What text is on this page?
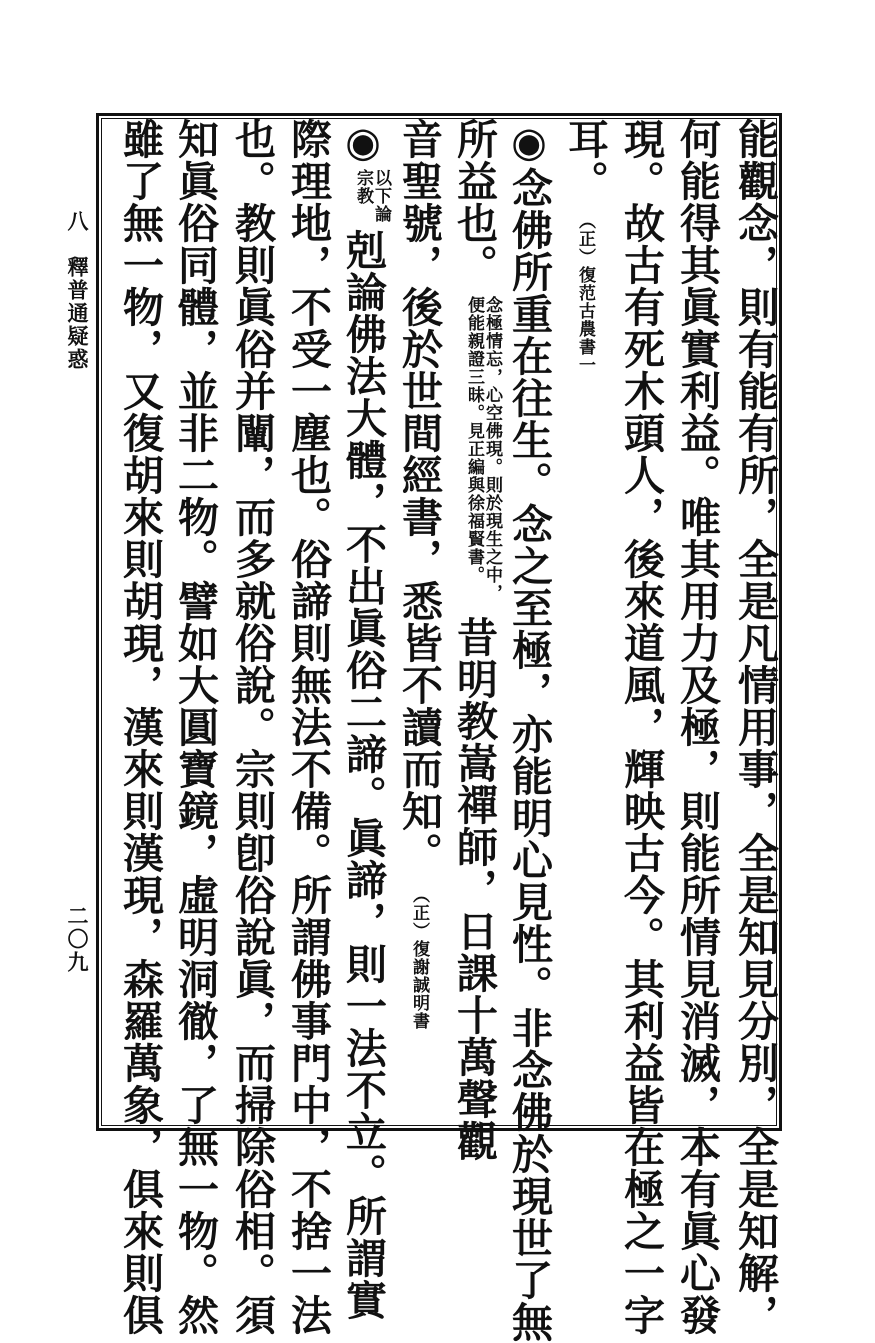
八　釋普通疑惑
二〇九	能觀念，則有能有所，全是凡情用事，全是知見分別，全是知解，
何能得其眞實利益。唯其用力及極，則能所情見消滅，本有眞心發
現。故古有死木頭人，後來道風，輝映古今。其利益皆在極之一字
耳。（正）復范古農書一
◉念佛所重在往生。念之至極，亦能明心見性。非念佛於現世了無
所益也。
念極情忘，心空佛現。則於現生之中，
便能親證三昧。見正編與徐福賢書。
昔明教嵩禪師，日課十萬聲觀
音聖號，後於世間經書，悉皆不讀而知。（正）復謝誠明書
◉
以下論
宗教
剋論佛法大體，不出眞俗二諦。眞諦，則一法不立。所謂實
際理地，不受一塵也。俗諦則無法不備。所謂佛事門中，不捨一法
也。教則眞俗并闡，而多就俗說。宗則卽俗說眞，而掃除俗相。須
知眞俗同體，並非二物。譬如大圓寶鏡，虛明洞徹，了無一物。然
雖了無一物，又復胡來則胡現，漢來則漢現，森羅萬象，俱來則俱
